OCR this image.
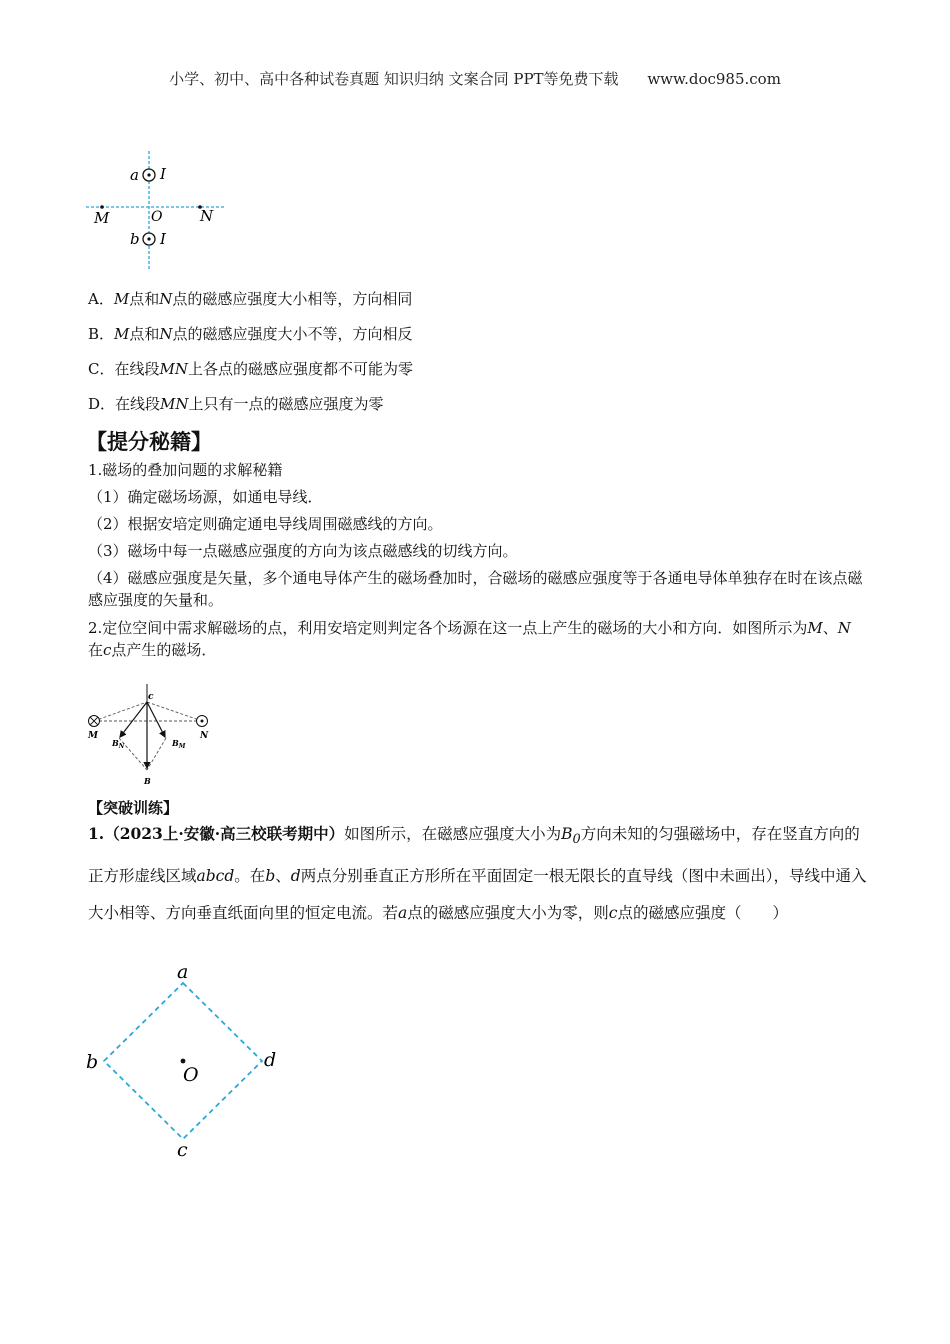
小学、初中、高中各种试卷真题 知识归纳 文案合同 PPT等免费下载 www.doc985.com
a I
M	O	N
b I
A．M点和N点的磁感应强度大小相等，方向相同
B．M点和N点的磁感应强度大小不等，方向相反
C．在线段MN上各点的磁感应强度都不可能为零
D．在线段MN上只有一点的磁感应强度为零
【提分秘籍】
1.磁场的叠加问题的求解秘籍
（1）确定磁场场源，如通电导线．
（2）根据安培定则确定通电导线周围磁感线的方向。
（3）磁场中每一点磁感应强度的方向为该点磁感线的切线方向。
（4）磁感应强度是矢量，多个通电导体产生的磁场叠加时，合磁场的磁感应强度等于各通电导体单独存在时在该点磁感应强度的矢量和。
2.定位空间中需求解磁场的点，利用安培定则判定各个场源在这一点上产生的磁场的大小和方向．如图所示为M、N在c点产生的磁场．
c
M	N
$B_N$	$B_M$
B
【突破训练】
1.（2023上·安徽·高三校联考期中）如图所示，在磁感应强度大小为$B_0$方向未知的匀强磁场中，存在竖直方向的正方形虚线区域abcd。在b、d两点分别垂直正方形所在平面固定一根无限长的直导线（图中未画出），导线中通入大小相等、方向垂直纸面向里的恒定电流。若a点的磁感应强度大小为零，则c点的磁感应强度（　　）
a
b	d
O
c
